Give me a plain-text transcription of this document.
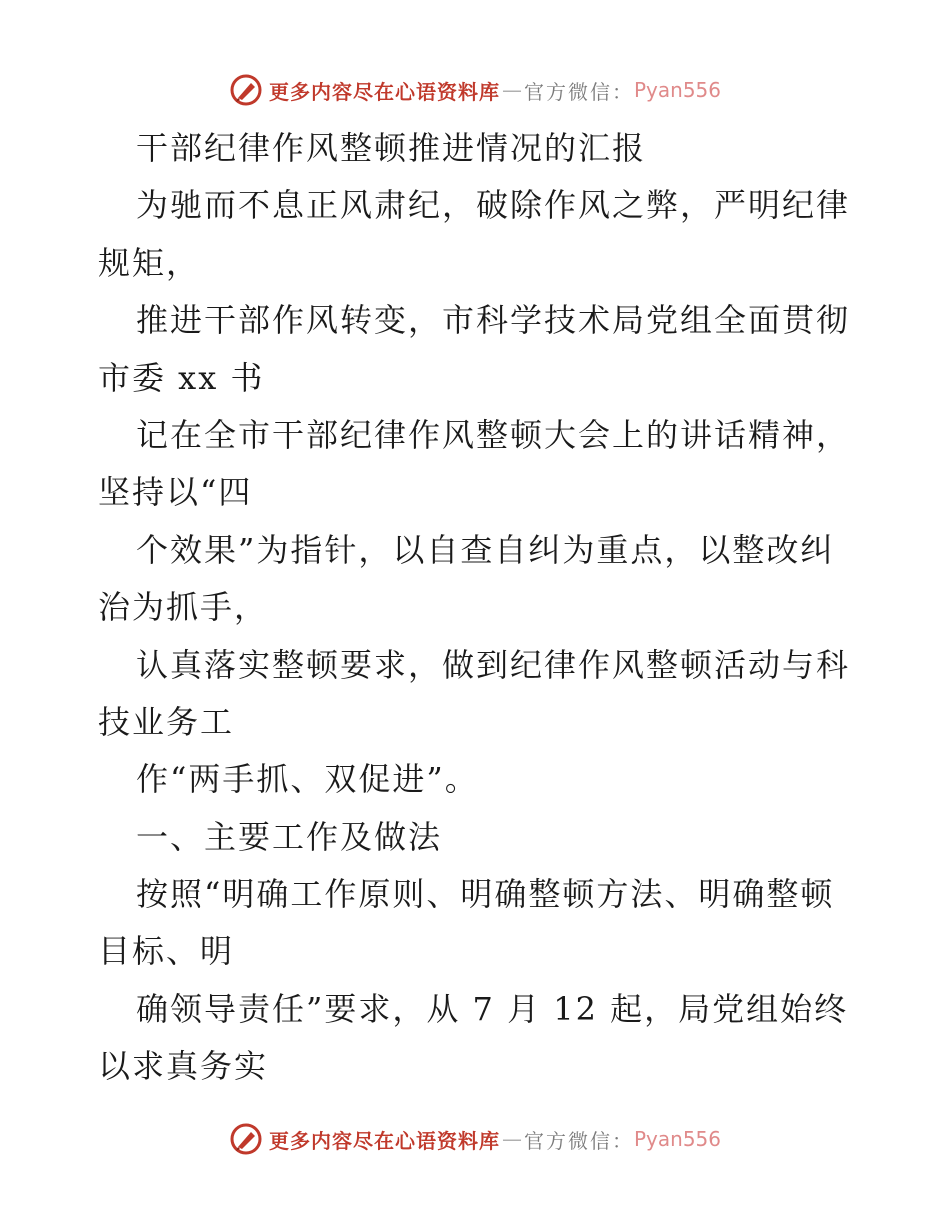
更多内容尽在心语资料库 — 官方微信： Pyan556
干部纪律作风整顿推进情况的汇报
为驰而不息正风肃纪，破除作风之弊，严明纪律
规矩，
推进干部作风转变，市科学技术局党组全面贯彻
市委 xx 书
记在全市干部纪律作风整顿大会上的讲话精神，
坚持以“四
个效果”为指针，以自查自纠为重点，以整改纠
治为抓手，
认真落实整顿要求，做到纪律作风整顿活动与科
技业务工
作“两手抓、双促进”。
一、主要工作及做法
按照“明确工作原则、明确整顿方法、明确整顿
目标、明
确领导责任”要求，从 7 月 12 起，局党组始终
以求真务实
更多内容尽在心语资料库 — 官方微信： Pyan556
